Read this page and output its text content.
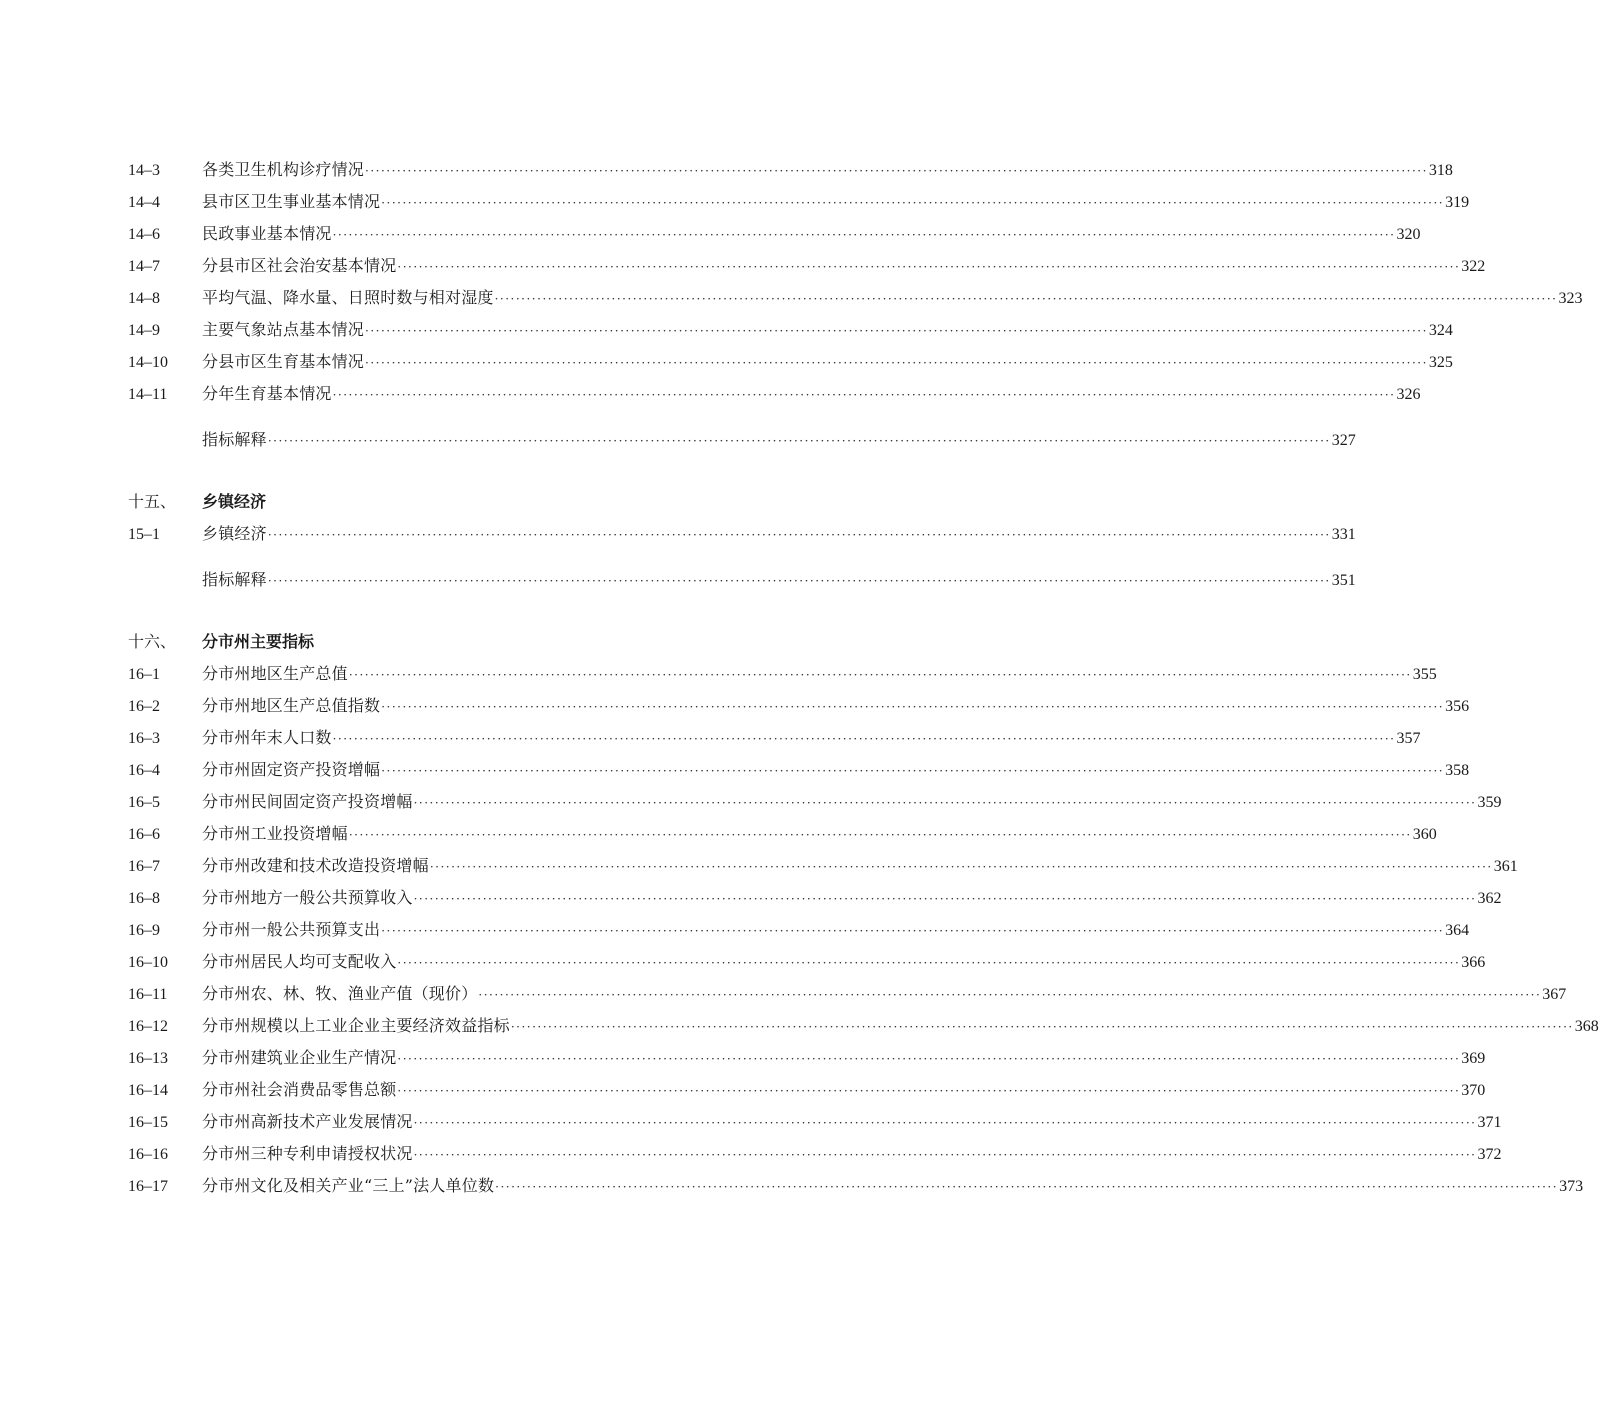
14–3	各类卫生机构诊疗情况 ········································································································································································································ 318
14–4	县市区卫生事业基本情况 ········································································································································································································ 319
14–6	民政事业基本情况 ········································································································································································································ 320
14–7	分县市区社会治安基本情况 ········································································································································································································ 322
14–8	平均气温、降水量、日照时数与相对湿度 ········································································································································································································ 323
14–9	主要气象站点基本情况 ········································································································································································································ 324
14–10	分县市区生育基本情况 ········································································································································································································ 325
14–11	分年生育基本情况 ········································································································································································································ 326
指标解释 ········································································································································································································ 327
十五、	乡镇经济
15–1	乡镇经济 ········································································································································································································ 331
指标解释 ········································································································································································································ 351
十六、	分市州主要指标
16–1	分市州地区生产总值 ········································································································································································································ 355
16–2	分市州地区生产总值指数 ········································································································································································································ 356
16–3	分市州年末人口数 ········································································································································································································ 357
16–4	分市州固定资产投资增幅 ········································································································································································································ 358
16–5	分市州民间固定资产投资增幅 ········································································································································································································ 359
16–6	分市州工业投资增幅 ········································································································································································································ 360
16–7	分市州改建和技术改造投资增幅 ········································································································································································································ 361
16–8	分市州地方一般公共预算收入 ········································································································································································································ 362
16–9	分市州一般公共预算支出 ········································································································································································································ 364
16–10	分市州居民人均可支配收入 ········································································································································································································ 366
16–11	分市州农、林、牧、渔业产值（现价） ········································································································································································································ 367
16–12	分市州规模以上工业企业主要经济效益指标 ········································································································································································································ 368
16–13	分市州建筑业企业生产情况 ········································································································································································································ 369
16–14	分市州社会消费品零售总额 ········································································································································································································ 370
16–15	分市州高新技术产业发展情况 ········································································································································································································ 371
16–16	分市州三种专利申请授权状况 ········································································································································································································ 372
16–17	分市州文化及相关产业“三上”法人单位数 ········································································································································································································ 373
